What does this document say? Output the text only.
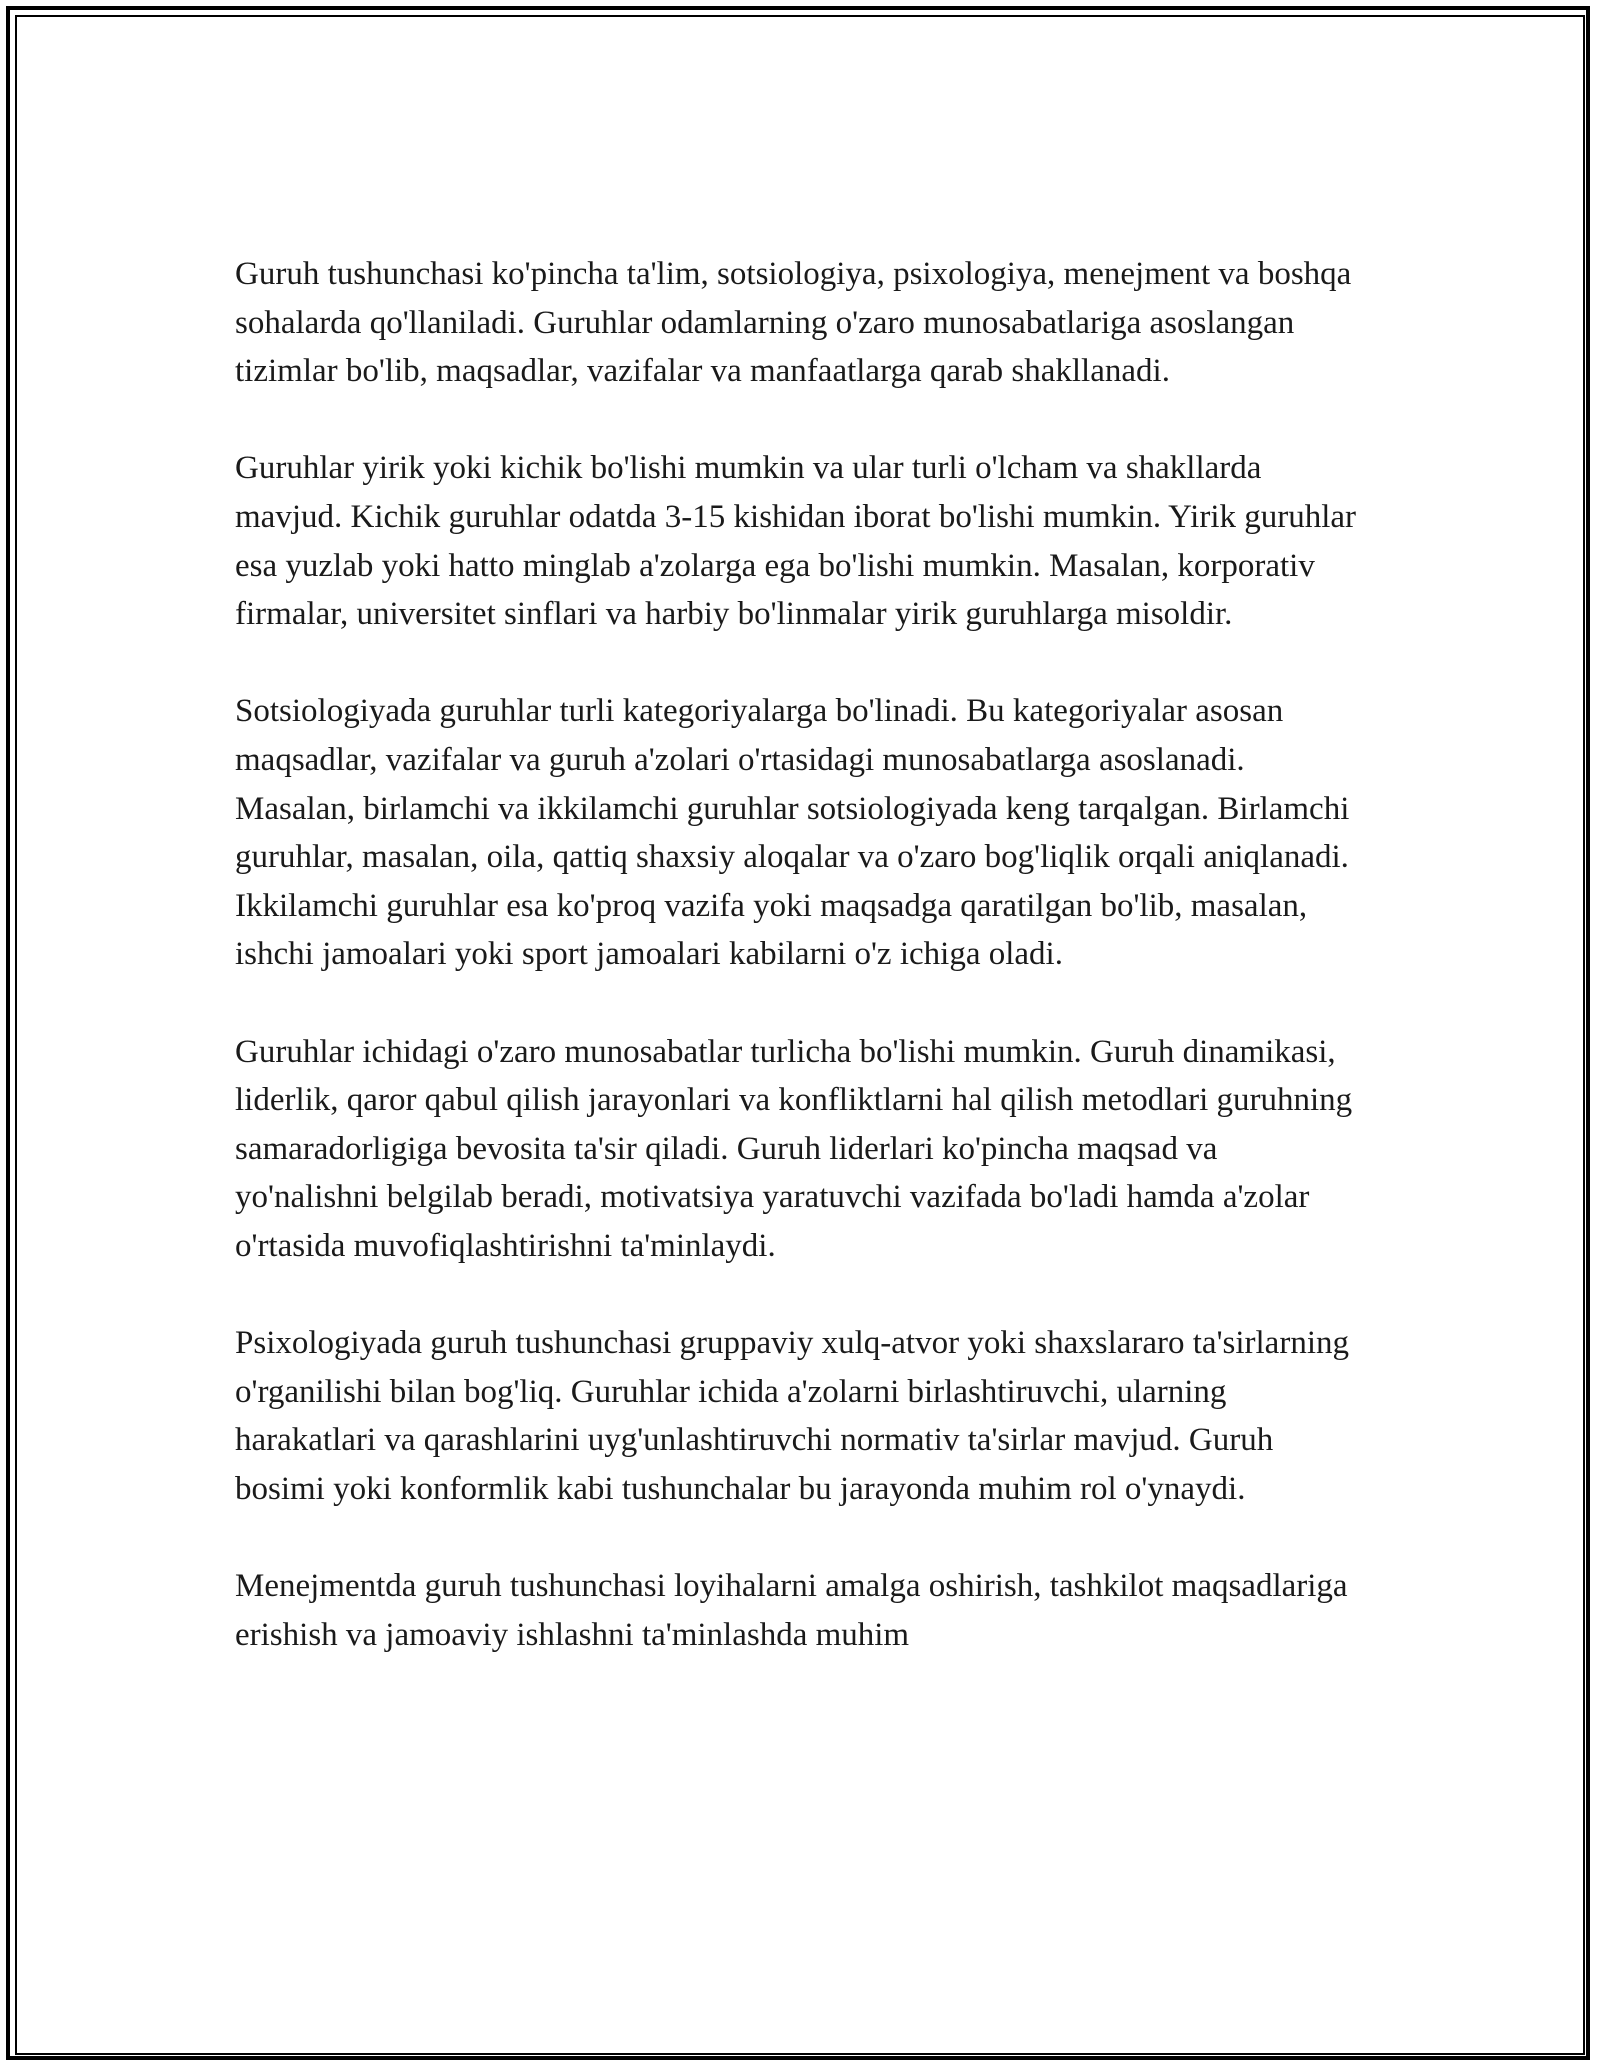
Guruh tushunchasi ko'pincha ta'lim, sotsiologiya, psixologiya, menejment va boshqa sohalarda qo'llaniladi. Guruhlar odamlarning o'zaro munosabatlariga asoslangan tizimlar bo'lib, maqsadlar, vazifalar va manfaatlarga qarab shakllanadi.

Guruhlar yirik yoki kichik bo'lishi mumkin va ular turli o'lcham va shakllarda mavjud. Kichik guruhlar odatda 3-15 kishidan iborat bo'lishi mumkin. Yirik guruhlar esa yuzlab yoki hatto minglab a'zolarga ega bo'lishi mumkin. Masalan, korporativ firmalar, universitet sinflari va harbiy bo'linmalar yirik guruhlarga misoldir.

Sotsiologiyada guruhlar turli kategoriyalarga bo'linadi. Bu kategoriyalar asosan maqsadlar, vazifalar va guruh a'zolari o'rtasidagi munosabatlarga asoslanadi. Masalan, birlamchi va ikkilamchi guruhlar sotsiologiyada keng tarqalgan. Birlamchi guruhlar, masalan, oila, qattiq shaxsiy aloqalar va o'zaro bog'liqlik orqali aniqlanadi. Ikkilamchi guruhlar esa ko'proq vazifa yoki maqsadga qaratilgan bo'lib, masalan, ishchi jamoalari yoki sport jamoalari kabilarni o'z ichiga oladi.

Guruhlar ichidagi o'zaro munosabatlar turlicha bo'lishi mumkin. Guruh dinamikasi, liderlik, qaror qabul qilish jarayonlari va konfliktlarni hal qilish metodlari guruhning samaradorligiga bevosita ta'sir qiladi. Guruh liderlari ko'pincha maqsad va yo'nalishni belgilab beradi, motivatsiya yaratuvchi vazifada bo'ladi hamda a'zolar o'rtasida muvofiqlashtirishni ta'minlaydi.

Psixologiyada guruh tushunchasi gruppaviy xulq-atvor yoki shaxslararo ta'sirlarning o'rganilishi bilan bog'liq. Guruhlar ichida a'zolarni birlashtiruvchi, ularning harakatlari va qarashlarini uyg'unlashtiruvchi normativ ta'sirlar mavjud. Guruh bosimi yoki konformlik kabi tushunchalar bu jarayonda muhim rol o'ynaydi.

Menejmentda guruh tushunchasi loyihalarni amalga oshirish, tashkilot maqsadlariga erishish va jamoaviy ishlashni ta'minlashda muhim
